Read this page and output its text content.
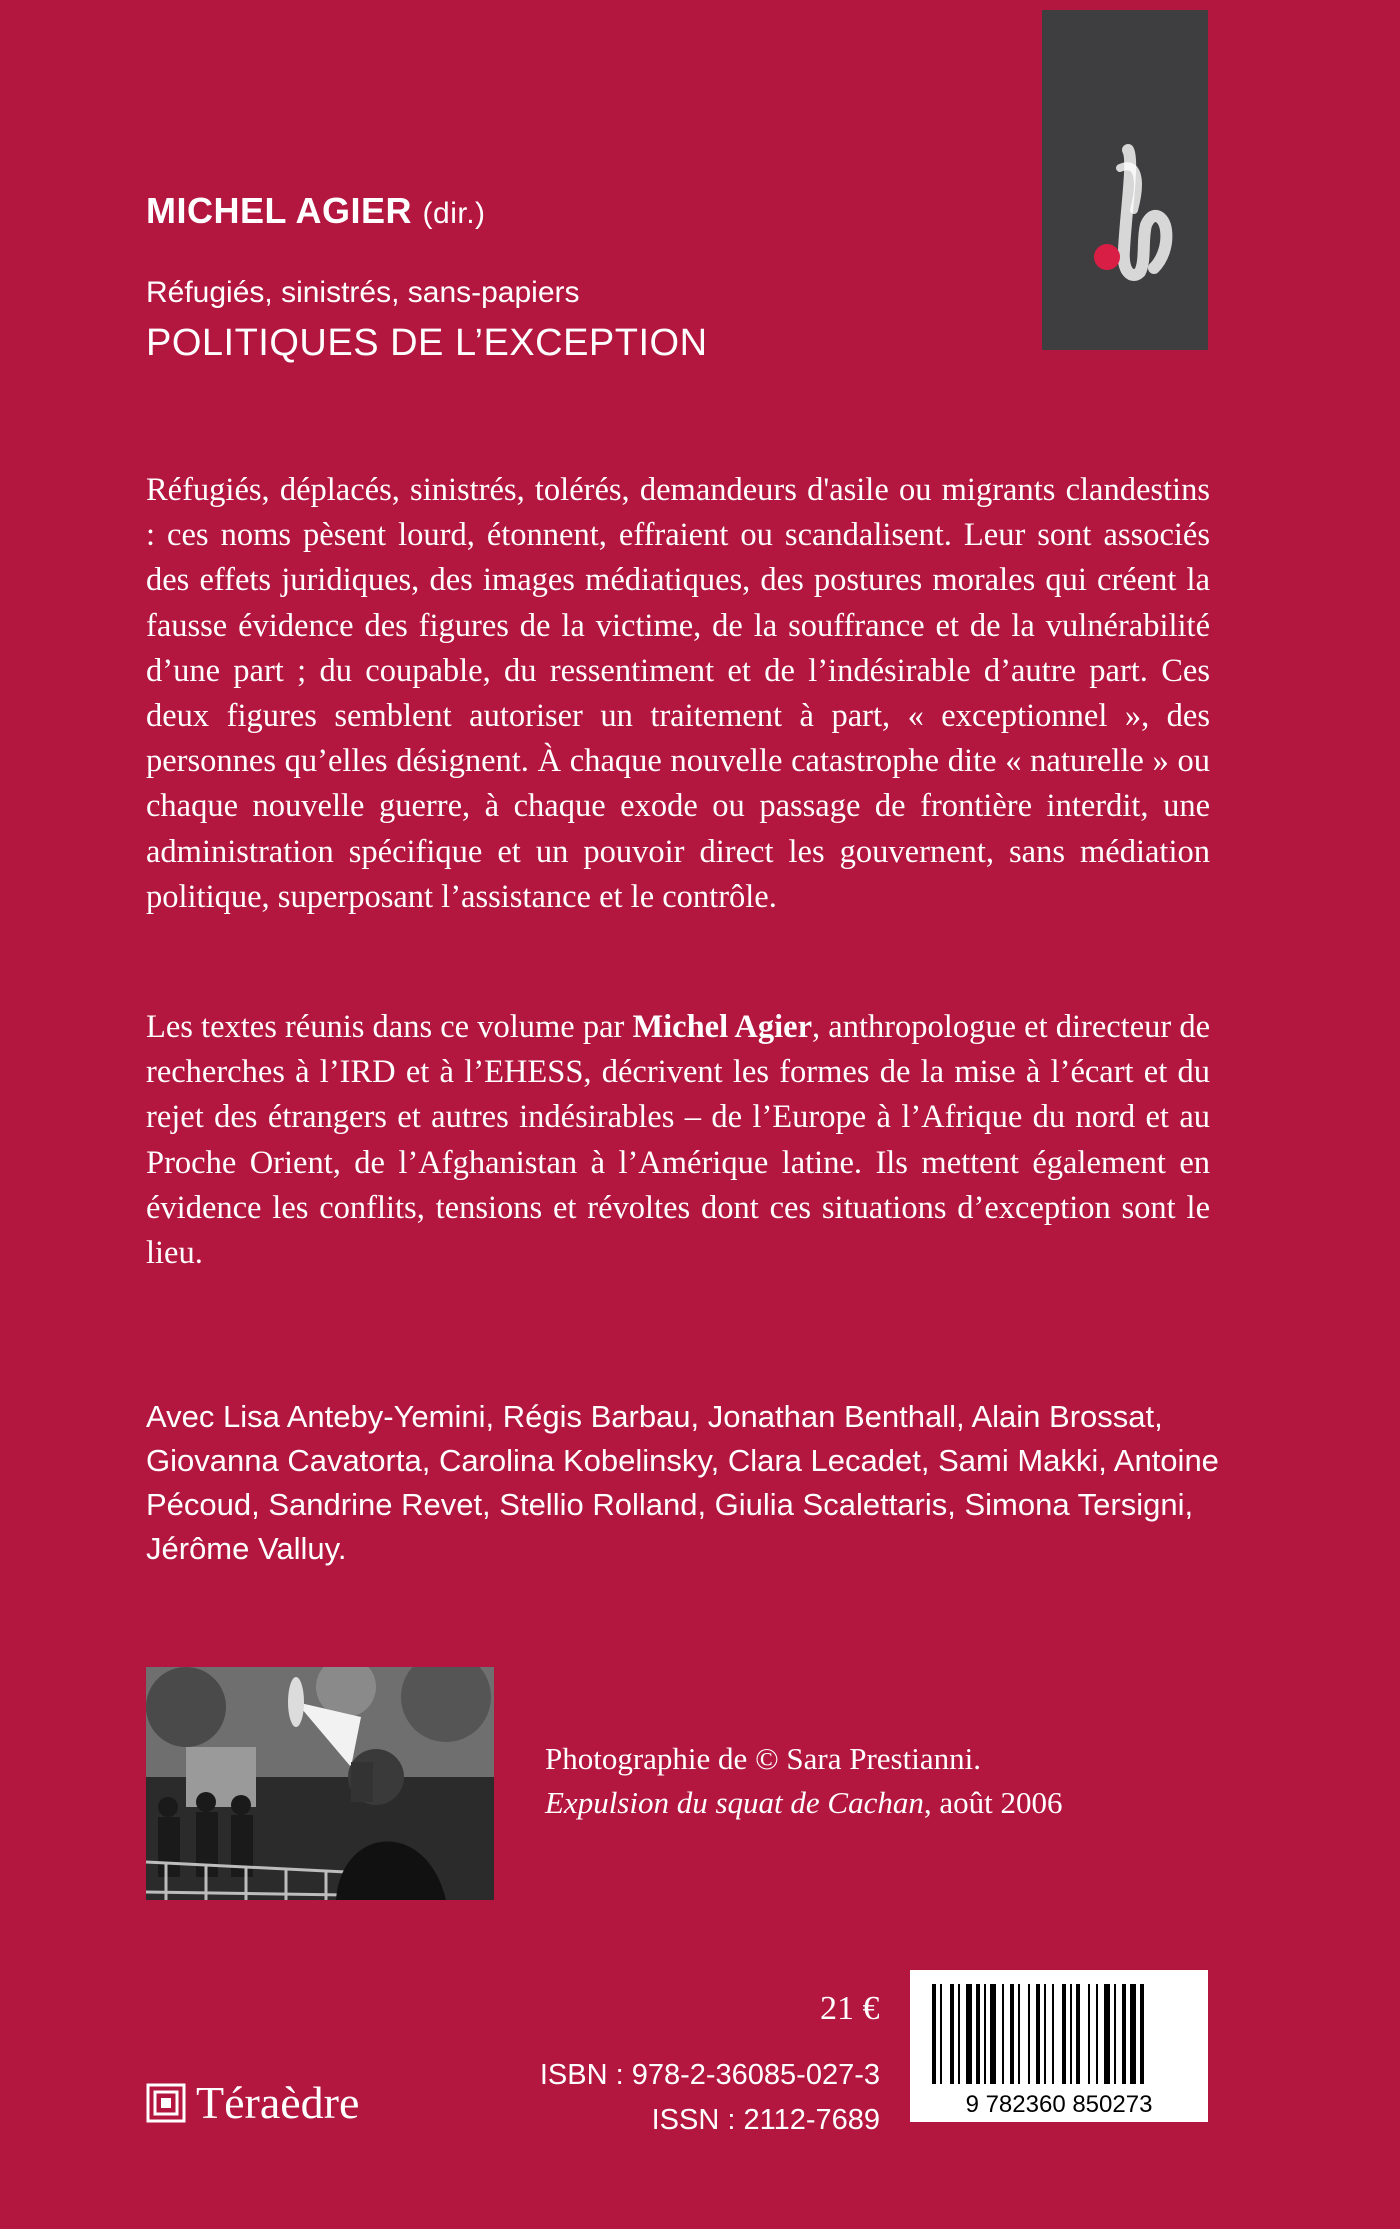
MICHEL AGIER (dir.)
Réfugiés, sinistrés, sans-papiers
POLITIQUES DE L’EXCEPTION
Réfugiés, déplacés, sinistrés, tolérés, demandeurs d'asile ou migrants clandestins : ces noms pèsent lourd, étonnent, effraient ou scandalisent. Leur sont associés des effets juridiques, des images médiatiques, des postures morales qui créent la fausse évidence des figures de la victime, de la souffrance et de la vulnérabilité d’une part ; du coupable, du ressentiment et de l’indésirable d’autre part. Ces deux figures semblent autoriser un traitement à part, « exceptionnel », des personnes qu’elles désignent. À chaque nouvelle catastrophe dite « naturelle » ou chaque nouvelle guerre, à chaque exode ou passage de frontière interdit, une administration spécifique et un pouvoir direct les gouvernent, sans médiation politique, superposant l’assistance et le contrôle.
Les textes réunis dans ce volume par Michel Agier, anthropologue et directeur de recherches à l’IRD et à l’EHESS, décrivent les formes de la mise à l’écart et du rejet des étrangers et autres indésirables – de l’Europe à l’Afrique du nord et au Proche Orient, de l’Afghanistan à l’Amérique latine. Ils mettent également en évidence les conflits, tensions et révoltes dont ces situations d’exception sont le lieu.
Avec Lisa Anteby-Yemini, Régis Barbau, Jonathan Benthall, Alain Brossat, Giovanna Cavatorta, Carolina Kobelinsky, Clara Lecadet, Sami Makki, Antoine Pécoud, Sandrine Revet, Stellio Rolland, Giulia Scalettaris, Simona Tersigni, Jérôme Valluy.
Photographie de © Sara Prestianni.
Expulsion du squat de Cachan, août 2006
21 €
ISBN : 978-2-36085-027-3
ISSN : 2112-7689	9 782360 850273
Téraèdre
